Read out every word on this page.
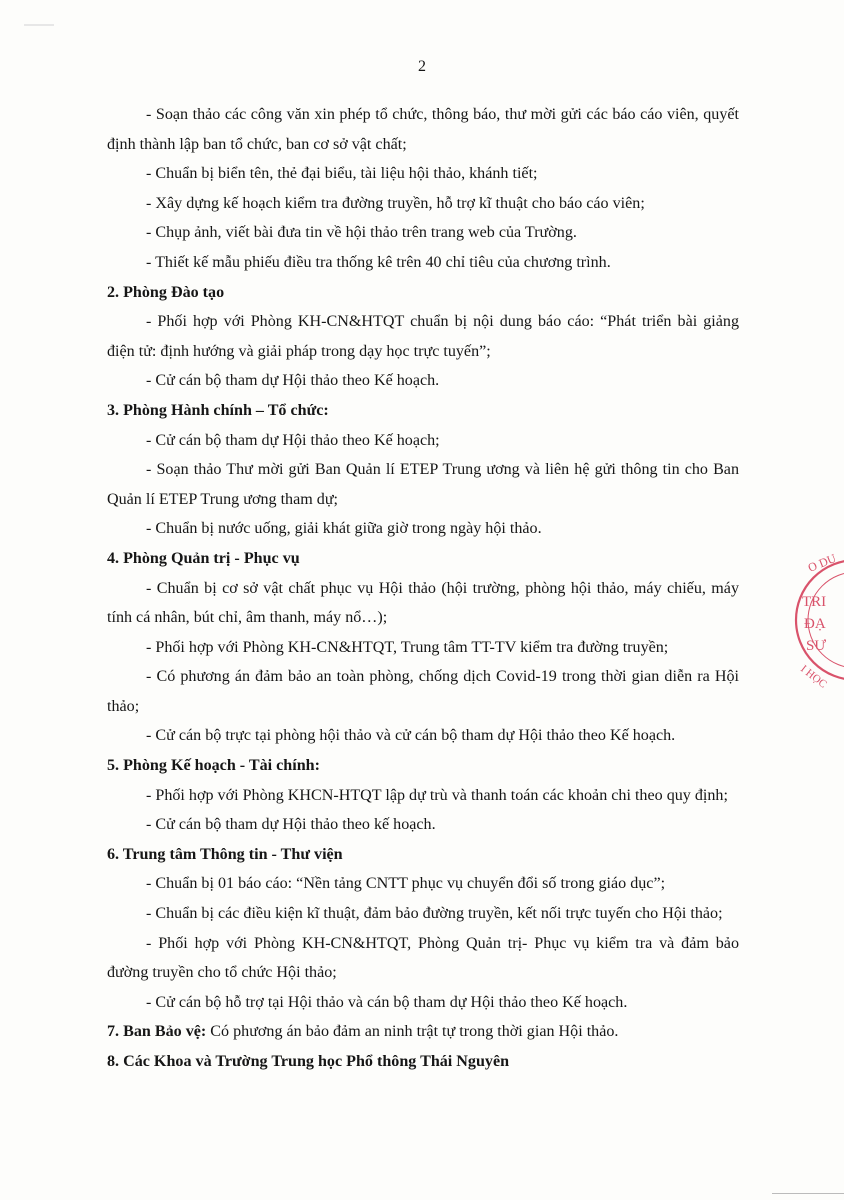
2

- Soạn thảo các công văn xin phép tổ chức, thông báo, thư mời gửi các báo cáo viên, quyết định thành lập ban tổ chức, ban cơ sở vật chất;

- Chuẩn bị biển tên, thẻ đại biểu, tài liệu hội thảo, khánh tiết;

- Xây dựng kế hoạch kiểm tra đường truyền, hỗ trợ kĩ thuật cho báo cáo viên;

- Chụp ảnh, viết bài đưa tin về hội thảo trên trang web của Trường.

- Thiết kế mẫu phiếu điều tra thống kê trên 40 chỉ tiêu của chương trình.

2. Phòng Đào tạo

- Phối hợp với Phòng KH-CN&HTQT chuẩn bị nội dung báo cáo: “Phát triển bài giảng điện tử: định hướng và giải pháp trong dạy học trực tuyến”;

- Cử cán bộ tham dự Hội thảo theo Kế hoạch.

3. Phòng Hành chính – Tổ chức:

- Cử cán bộ tham dự Hội thảo theo Kế hoạch;

- Soạn thảo Thư mời gửi Ban Quản lí ETEP Trung ương và liên hệ gửi thông tin cho Ban Quản lí ETEP Trung ương tham dự;

- Chuẩn bị nước uống, giải khát giữa giờ trong ngày hội thảo.

4. Phòng Quản trị - Phục vụ

- Chuẩn bị cơ sở vật chất phục vụ Hội thảo (hội trường, phòng hội thảo, máy chiếu, máy tính cá nhân, bút chỉ, âm thanh, máy nổ…);

- Phối hợp với Phòng KH-CN&HTQT, Trung tâm TT-TV kiểm tra đường truyền;

- Có phương án đảm bảo an toàn phòng, chống dịch Covid-19 trong thời gian diễn ra Hội thảo;

- Cử cán bộ trực tại phòng hội thảo và cử cán bộ tham dự Hội thảo theo Kế hoạch.

5. Phòng Kế hoạch - Tài chính:

- Phối hợp với Phòng KHCN-HTQT lập dự trù và thanh toán các khoản chi theo quy định;

- Cử cán bộ tham dự Hội thảo theo kế hoạch.

6. Trung tâm Thông tin - Thư viện

- Chuẩn bị 01 báo cáo: “Nền tảng CNTT phục vụ chuyển đổi số trong giáo dục”;

- Chuẩn bị các điều kiện kĩ thuật, đảm bảo đường truyền, kết nối trực tuyến cho Hội thảo;

- Phối hợp với Phòng KH-CN&HTQT, Phòng Quản trị- Phục vụ kiểm tra và đảm bảo đường truyền cho tổ chức Hội thảo;

- Cử cán bộ hỗ trợ tại Hội thảo và cán bộ tham dự Hội thảo theo Kế hoạch.

7. Ban Bảo vệ: Có phương án bảo đảm an ninh trật tự trong thời gian Hội thảo.

8. Các Khoa và Trường Trung học Phổ thông Thái Nguyên
O DỤ
TRI
ĐẠ
SƯ
I HỌC
